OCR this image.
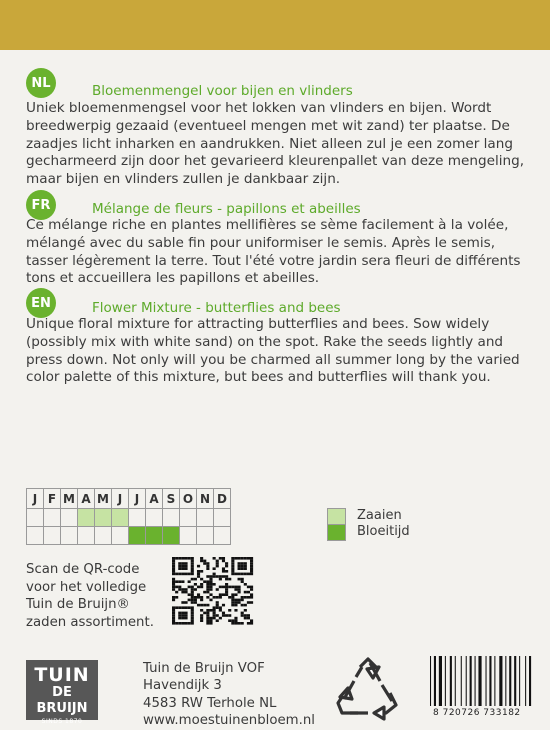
NL	Bloemenmengel voor bijen en vlinders
Uniek bloemenmengsel voor het lokken van vlinders en bijen. Wordt breedwerpig gezaaid (eventueel mengen met wit zand) ter plaatse. De zaadjes licht inharken en aandrukken. Niet alleen zul je een zomer lang gecharmeerd zijn door het gevarieerd kleurenpallet van deze mengeling, maar bijen en vlinders zullen je dankbaar zijn.
FR	Mélange de fleurs - papillons et abeilles
Ce mélange riche en plantes mellifières se sème facilement à la volée, mélangé avec du sable fin pour uniformiser le semis. Après le semis, tasser légèrement la terre. Tout l'été votre jardin sera fleuri de différents tons et accueillera les papillons et abeilles.
EN	Flower Mixture - butterflies and bees
Unique floral mixture for attracting butterflies and bees. Sow widely (possibly mix with white sand) on the spot. Rake the seeds lightly and press down. Not only will you be charmed all summer long by the varied color palette of this mixture, but bees and butterflies will thank you.
J	F	M	A	M	J	J	A	S	O	N	D

Zaaien
Bloeitijd
Scan de QR-code
voor het volledige
Tuin de Bruijn®
zaden assortiment.
TUIN
DE BRUIJN
SINDS 1870
Tuin de Bruijn VOF
Havendijk 3
4583 RW Terhole NL
www.moestuinenbloem.nl
8 720726 733182
